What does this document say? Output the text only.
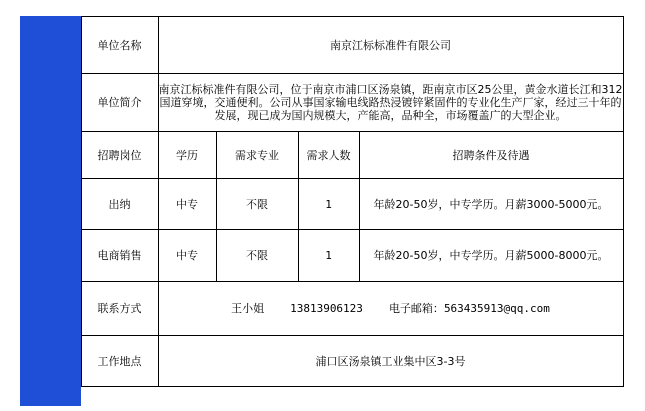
	单位名称	南京江标标准件有限公司			
	单位简介	南京江标标准件有限公司，位于南京市浦口区汤泉镇，距南京市区25公里，黄金水道长江和312国道穿境，交通便利。公司从事国家输电线路热浸镀锌紧固件的专业化生产厂家，经过三十年的发展，现已成为国内规模大，产能高，品种全，市场覆盖广的大型企业。			
	招聘岗位	学历	需求专业	需求人数	招聘条件及待遇
	出纳	中专	不限	1	年龄20-50岁，中专学历。月薪3000-5000元。
	电商销售	中专	不限	1	年龄20-50岁，中专学历。月薪5000-8000元。
	联系方式	王小姐 13813906123 电子邮箱：563435913@qq.com			

	工作地点	浦口区汤泉镇工业集中区3-3号			
